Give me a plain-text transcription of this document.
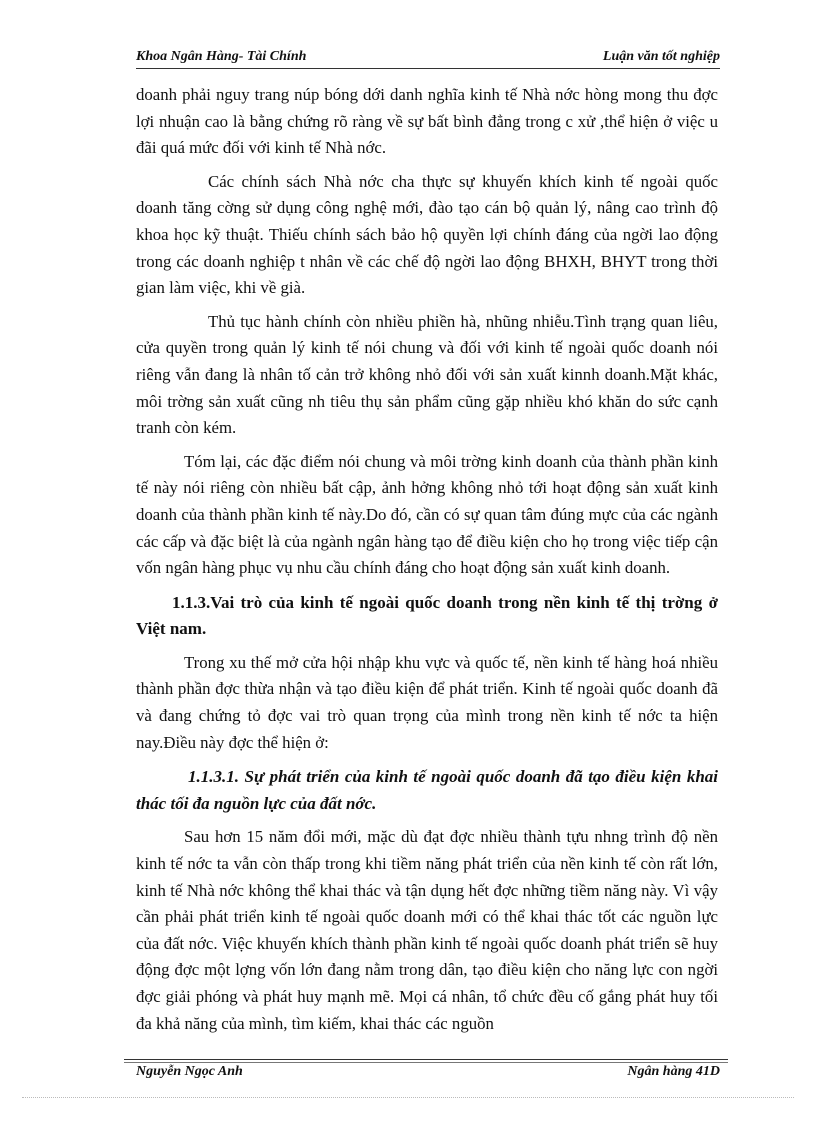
Khoa Ngân Hàng- Tài Chính	Luận văn tốt nghiệp

doanh phải nguy trang núp bóng dới danh nghĩa kinh tế Nhà nớc hòng mong thu đợc lợi nhuận cao là bằng chứng rõ ràng về sự bất bình đẳng trong c xử ,thể hiện ở việc u đãi quá mức đối với kinh tế Nhà nớc.

Các chính sách Nhà nớc cha thực sự khuyến khích kinh tế ngoài quốc doanh tăng cờng sử dụng công nghệ mới, đào tạo cán bộ quản lý, nâng cao trình độ khoa học kỹ thuật. Thiếu chính sách bảo hộ quyền lợi chính đáng của ngời lao động trong các doanh nghiệp t nhân về các chế độ ngời lao động BHXH, BHYT trong thời gian làm việc, khi về già.

Thủ tục hành chính còn nhiều phiền hà, nhũng nhiễu.Tình trạng quan liêu, cửa quyền trong quản lý kinh tế nói chung và đối với kinh tế ngoài quốc doanh nói riêng vẫn đang là nhân tố cản trở không nhỏ đối với sản xuất kinnh doanh.Mặt khác, môi trờng sản xuất cũng nh tiêu thụ sản phẩm cũng gặp nhiều khó khăn do sức cạnh tranh còn kém.

Tóm lại, các đặc điểm nói chung và môi trờng kinh doanh của thành phần kinh tế này nói riêng còn nhiều bất cập, ảnh hởng không nhỏ tới hoạt động sản xuất kinh doanh của thành phần kinh tế này.Do đó, cần có sự quan tâm đúng mực của các ngành các cấp và đặc biệt là của ngành ngân hàng tạo để điều kiện cho họ trong việc tiếp cận vốn ngân hàng phục vụ nhu cầu chính đáng cho hoạt động sản xuất kinh doanh.

1.1.3.Vai trò của kinh tế ngoài quốc doanh trong nền kinh tế thị trờng ở Việt nam.

Trong xu thế mở cửa hội nhập khu vực và quốc tế, nền kinh tế hàng hoá nhiều thành phần đợc thừa nhận và tạo điều kiện để phát triển. Kinh tế ngoài quốc doanh đã và đang chứng tỏ đợc vai trò quan trọng của mình trong nền kinh tế nớc ta hiện nay.Điều này đợc thể hiện ở:

1.1.3.1. Sự phát triển của kinh tế ngoài quốc doanh đã tạo điều kiện khai thác tối đa nguồn lực của đất nớc.

Sau hơn 15 năm đổi mới, mặc dù đạt đợc nhiều thành tựu nhng trình độ nền kinh tế nớc ta vẫn còn thấp trong khi tiềm năng phát triển của nền kinh tế còn rất lớn, kinh tế Nhà nớc không thể khai thác và tận dụng hết đợc những tiềm năng này. Vì vậy cần phải phát triển kinh tế ngoài quốc doanh mới có thể khai thác tốt các nguồn lực của đất nớc. Việc khuyến khích thành phần kinh tế ngoài quốc doanh phát triển sẽ huy động đợc một lợng vốn lớn đang nằm trong dân, tạo điều kiện cho năng lực con ngời đợc giải phóng và phát huy mạnh mẽ. Mọi cá nhân, tổ chức đều cố gắng phát huy tối đa khả năng của mình, tìm kiếm, khai thác các nguồn

Nguyễn Ngọc Anh	Ngân hàng 41D
